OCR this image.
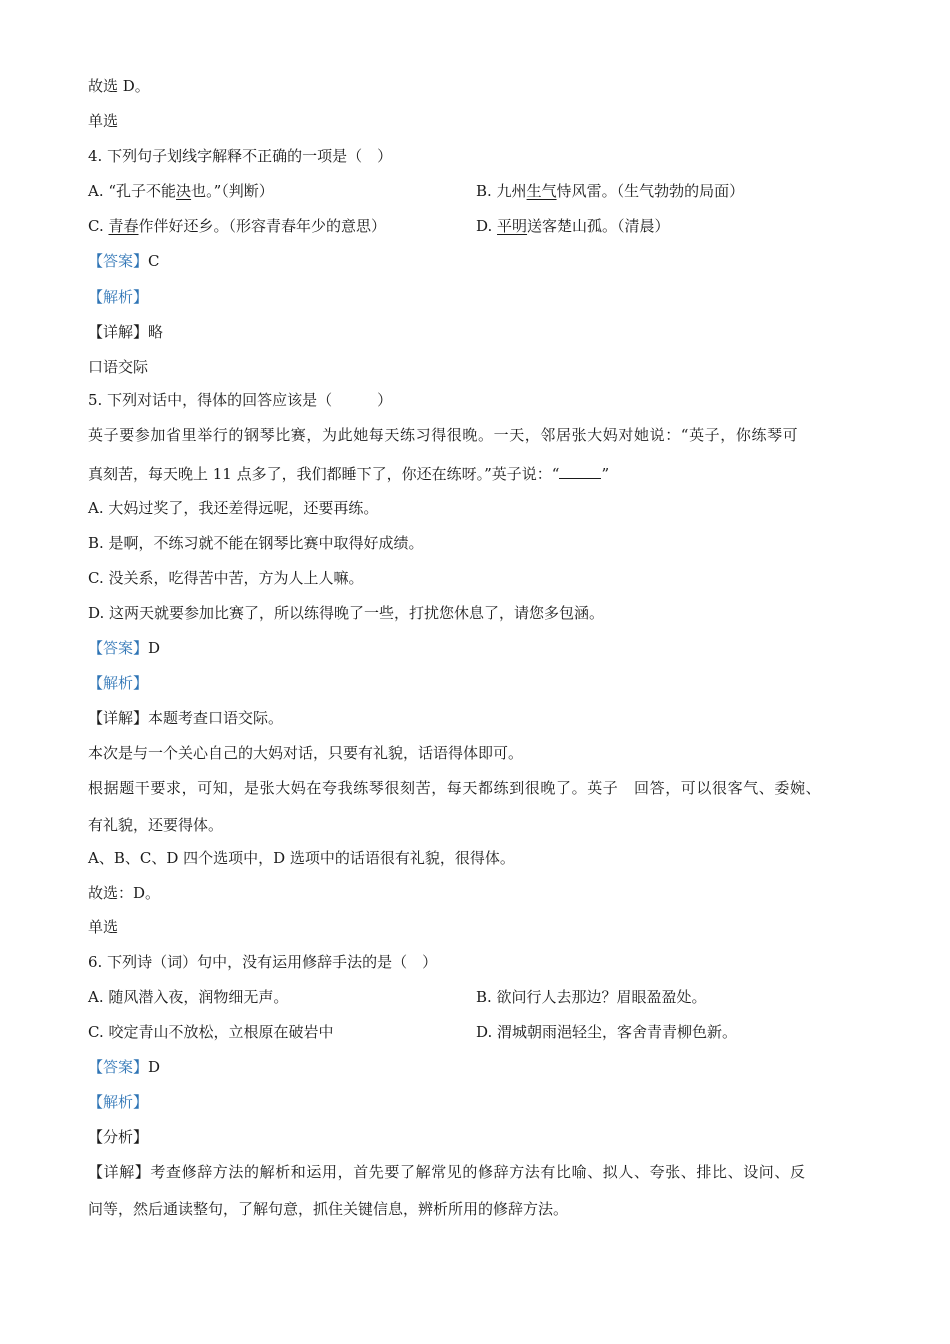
故选 D。
单选
4. 下列句子划线字解释不正确的一项是（　）
A. “孔子不能决也。”（判断）	B. 九州生气恃风雷。（生气勃勃的局面）
C. 青春作伴好还乡。（形容青春年少的意思）	D. 平明送客楚山孤。（清晨）
【答案】C
【解析】
【详解】略
口语交际
5. 下列对话中，得体的回答应该是（　　　）
英子要参加省里举行的钢琴比赛，为此她每天练习得很晚。一天，邻居张大妈对她说：“英子，你练琴可
真刻苦，每天晚上 11 点多了，我们都睡下了，你还在练呀。”英子说：“	”
A. 大妈过奖了，我还差得远呢，还要再练。
B. 是啊，不练习就不能在钢琴比赛中取得好成绩。
C. 没关系，吃得苦中苦，方为人上人嘛。
D. 这两天就要参加比赛了，所以练得晚了一些，打扰您休息了，请您多包涵。
【答案】D
【解析】
【详解】本题考查口语交际。
本次是与一个关心自己的大妈对话，只要有礼貌，话语得体即可。
根据题干要求，可知，是张大妈在夸我练琴很刻苦，每天都练到很晚了。英子　回答，可以很客气、委婉、
有礼貌，还要得体。
A、B、C、D 四个选项中，D 选项中的话语很有礼貌，很得体。
故选：D。
单选
6. 下列诗（词）句中，没有运用修辞手法的是（　）
A. 随风潜入夜，润物细无声。	B. 欲问行人去那边？眉眼盈盈处。
C. 咬定青山不放松，立根原在破岩中	D. 渭城朝雨浥轻尘，客舍青青柳色新。
【答案】D
【解析】
【分析】
【详解】考查修辞方法的解析和运用，首先要了解常见的修辞方法有比喻、拟人、夸张、排比、设问、反
问等，然后通读整句，了解句意，抓住关键信息，辨析所用的修辞方法。
